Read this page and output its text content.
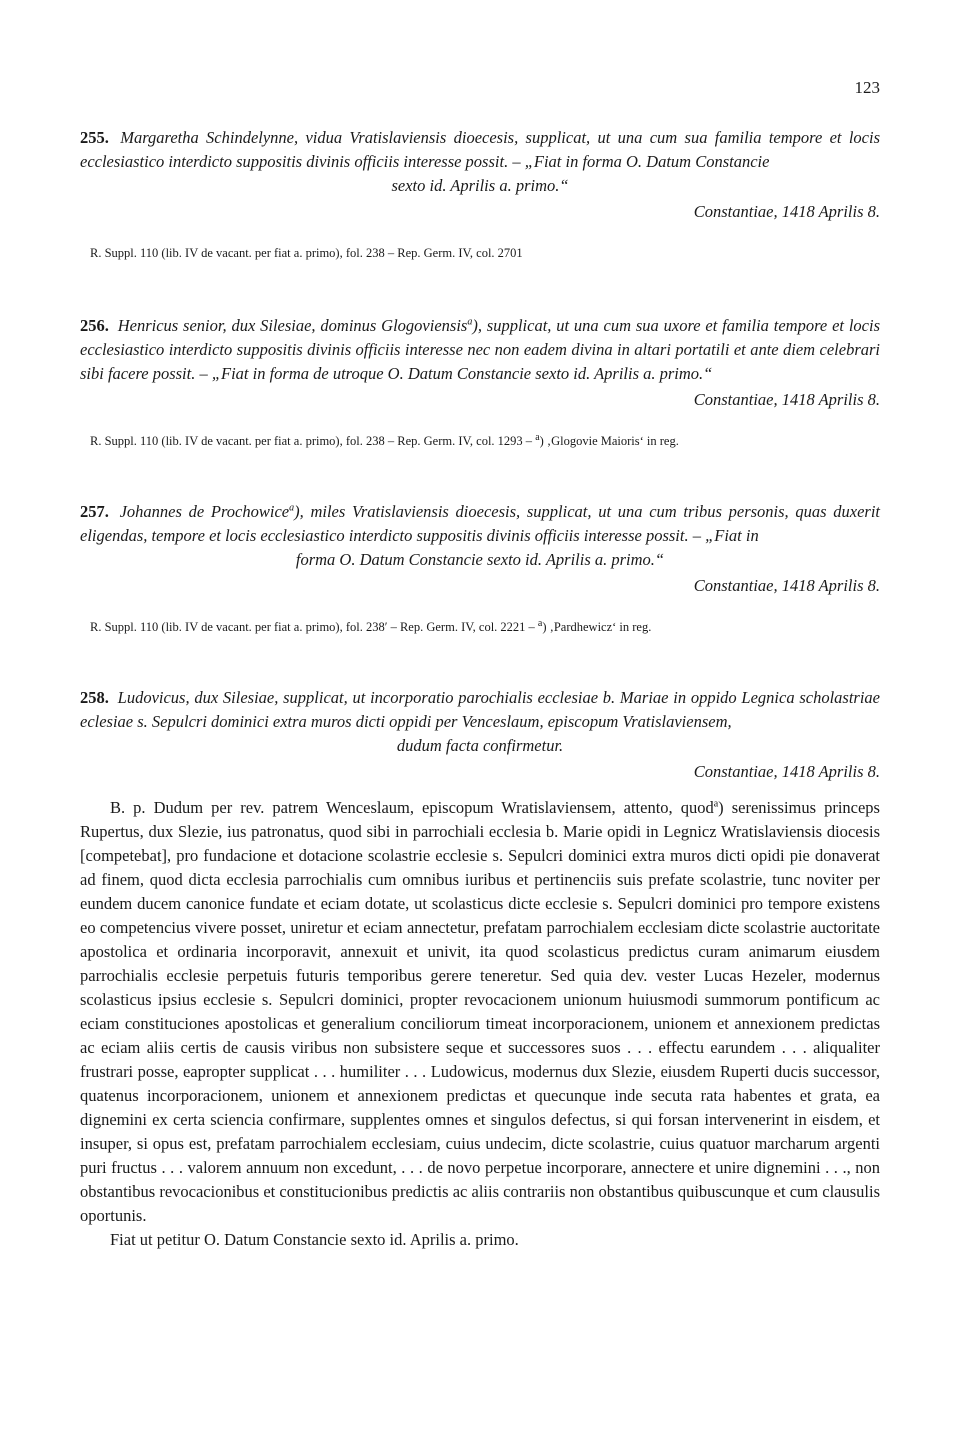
123

255. Margaretha Schindelynne, vidua Vratislaviensis dioecesis, supplicat, ut una cum sua familia tempore et locis ecclesiastico interdicto suppositis divinis officiis interesse possit. – „Fiat in forma O. Datum Constancie
sexto id. Aprilis a. primo.“

Constantiae, 1418 Aprilis 8.

R. Suppl. 110 (lib. IV de vacant. per fiat a. primo), fol. 238 – Rep. Germ. IV, col. 2701

256. Henricus senior, dux Silesiae, dominus Glogoviensis$^a$), supplicat, ut una cum sua uxore et familia tempore et locis ecclesiastico interdicto suppositis divinis officiis interesse nec non eadem divina in altari portatili et ante diem celebrari sibi facere possit. – „Fiat in forma de utroque O. Datum Constancie sexto id. Aprilis a. primo.“

Constantiae, 1418 Aprilis 8.

R. Suppl. 110 (lib. IV de vacant. per fiat a. primo), fol. 238 – Rep. Germ. IV, col. 1293 – $^a$) ‚Glogovie Maioris‘ in reg.

257. Johannes de Prochowice$^a$), miles Vratislaviensis dioecesis, supplicat, ut una cum tribus personis, quas duxerit eligendas, tempore et locis ecclesiastico interdicto suppositis divinis officiis interesse possit. – „Fiat in
forma O. Datum Constancie sexto id. Aprilis a. primo.“

Constantiae, 1418 Aprilis 8.

R. Suppl. 110 (lib. IV de vacant. per fiat a. primo), fol. 238′ – Rep. Germ. IV, col. 2221 – $^a$) ‚Pardhewicz‘ in reg.

258. Ludovicus, dux Silesiae, supplicat, ut incorporatio parochialis ecclesiae b. Mariae in oppido Legnica scholastriae eclesiae s. Sepulcri dominici extra muros dicti oppidi per Venceslaum, episcopum Vratislaviensem,
dudum facta confirmetur.

Constantiae, 1418 Aprilis 8.

B. p. Dudum per rev. patrem Wenceslaum, episcopum Wratislaviensem, attento, quod$^a$) serenissimus princeps Rupertus, dux Slezie, ius patronatus, quod sibi in parrochiali ecclesia b. Marie opidi in Legnicz Wratislaviensis diocesis [competebat], pro fundacione et dotacione scolastrie ecclesie s. Sepulcri dominici extra muros dicti opidi pie donaverat ad finem, quod dicta ecclesia parrochialis cum omnibus iuribus et pertinenciis suis prefate scolastrie, tunc noviter per eundem ducem canonice fundate et eciam dotate, ut scolasticus dicte ecclesie s. Sepulcri dominici pro tempore existens eo competencius vivere posset, uniretur et eciam annectetur, prefatam parrochialem ecclesiam dicte scolastrie auctoritate apostolica et ordinaria incorporavit, annexuit et univit, ita quod scolasticus predictus curam animarum eiusdem parrochialis ecclesie perpetuis futuris temporibus gerere teneretur. Sed quia dev. vester Lucas Hezeler, modernus scolasticus ipsius ecclesie s. Sepulcri dominici, propter revocacionem unionum huiusmodi summorum pontificum ac eciam constituciones apostolicas et generalium conciliorum timeat incorporacionem, unionem et annexionem predictas ac eciam aliis certis de causis viribus non subsistere seque et successores suos . . . effectu earundem . . . aliqualiter frustrari posse, eapropter supplicat . . . humiliter . . . Ludowicus, modernus dux Slezie, eiusdem Ruperti ducis successor, quatenus incorporacionem, unionem et annexionem predictas et quecunque inde secuta rata habentes et grata, ea dignemini ex certa sciencia confirmare, supplentes omnes et singulos defectus, si qui forsan intervenerint in eisdem, et insuper, si opus est, prefatam parrochialem ecclesiam, cuius undecim, dicte scolastrie, cuius quatuor marcharum argenti puri fructus . . . valorem annuum non excedunt, . . . de novo perpetue incorporare, annectere et unire dignemini . . ., non obstantibus revocacionibus et constitucionibus predictis ac aliis contrariis non obstantibus quibuscunque et cum clausulis oportunis.

Fiat ut petitur O. Datum Constancie sexto id. Aprilis a. primo.
